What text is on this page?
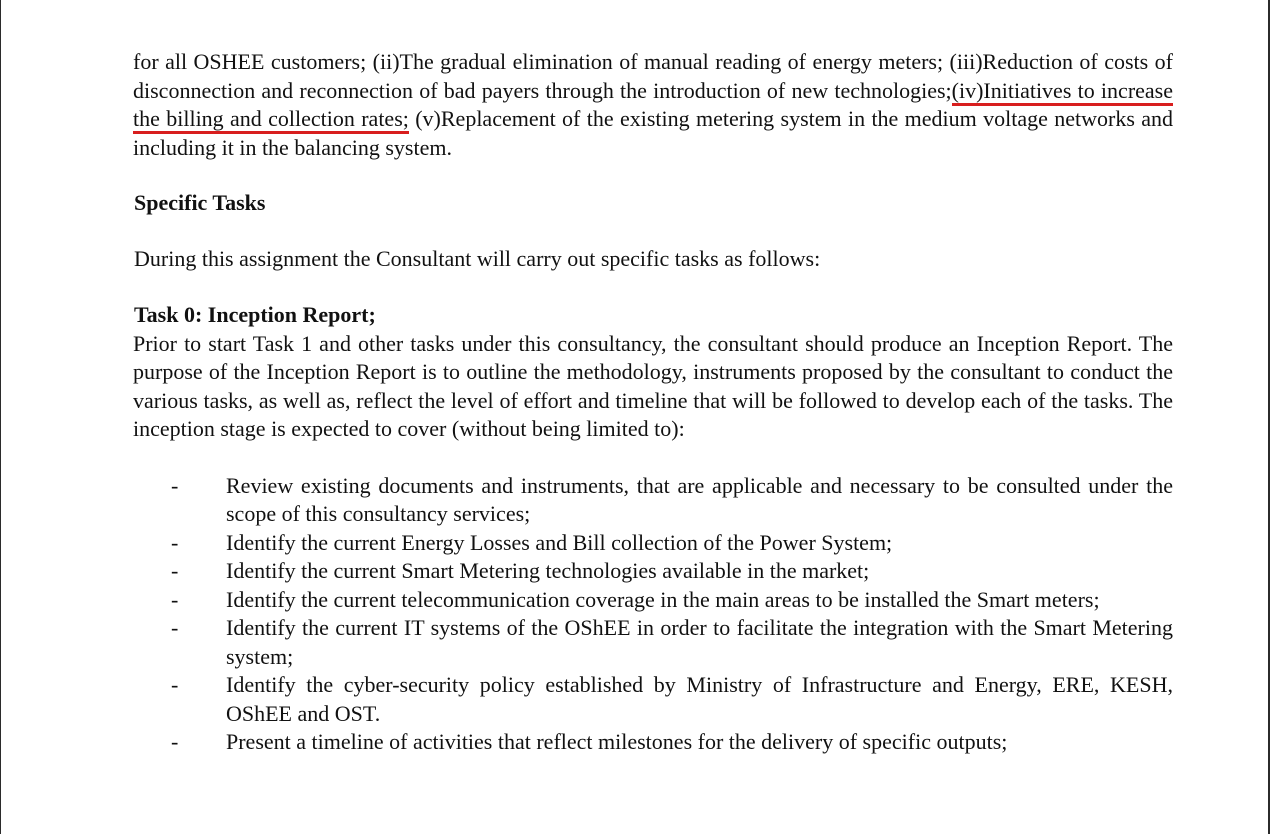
for all OSHEE customers; (ii)The gradual elimination of manual reading of energy meters; (iii)Reduction of costs of disconnection and reconnection of bad payers through the introduction of new technologies;(iv)Initiatives to increase the billing and collection rates; (v)Replacement of the existing metering system in the medium voltage networks and including it in the balancing system.

Specific Tasks
During this assignment the Consultant will carry out specific tasks as follows:
Task 0: Inception Report;

Prior to start Task 1 and other tasks under this consultancy, the consultant should produce an Inception Report. The purpose of the Inception Report is to outline the methodology, instruments proposed by the consultant to conduct the various tasks, as well as, reflect the level of effort and timeline that will be followed to develop each of the tasks. The inception stage is expected to cover (without being limited to):

- Review existing documents and instruments, that are applicable and necessary to be consulted under the scope of this consultancy services;
- Identify the current Energy Losses and Bill collection of the Power System;
- Identify the current Smart Metering technologies available in the market;
- Identify the current telecommunication coverage in the main areas to be installed the Smart meters;
- Identify the current IT systems of the OShEE in order to facilitate the integration with the Smart Metering system;
- Identify the cyber-security policy established by Ministry of Infrastructure and Energy, ERE, KESH, OShEE and OST.
- Present a timeline of activities that reflect milestones for the delivery of specific outputs;
